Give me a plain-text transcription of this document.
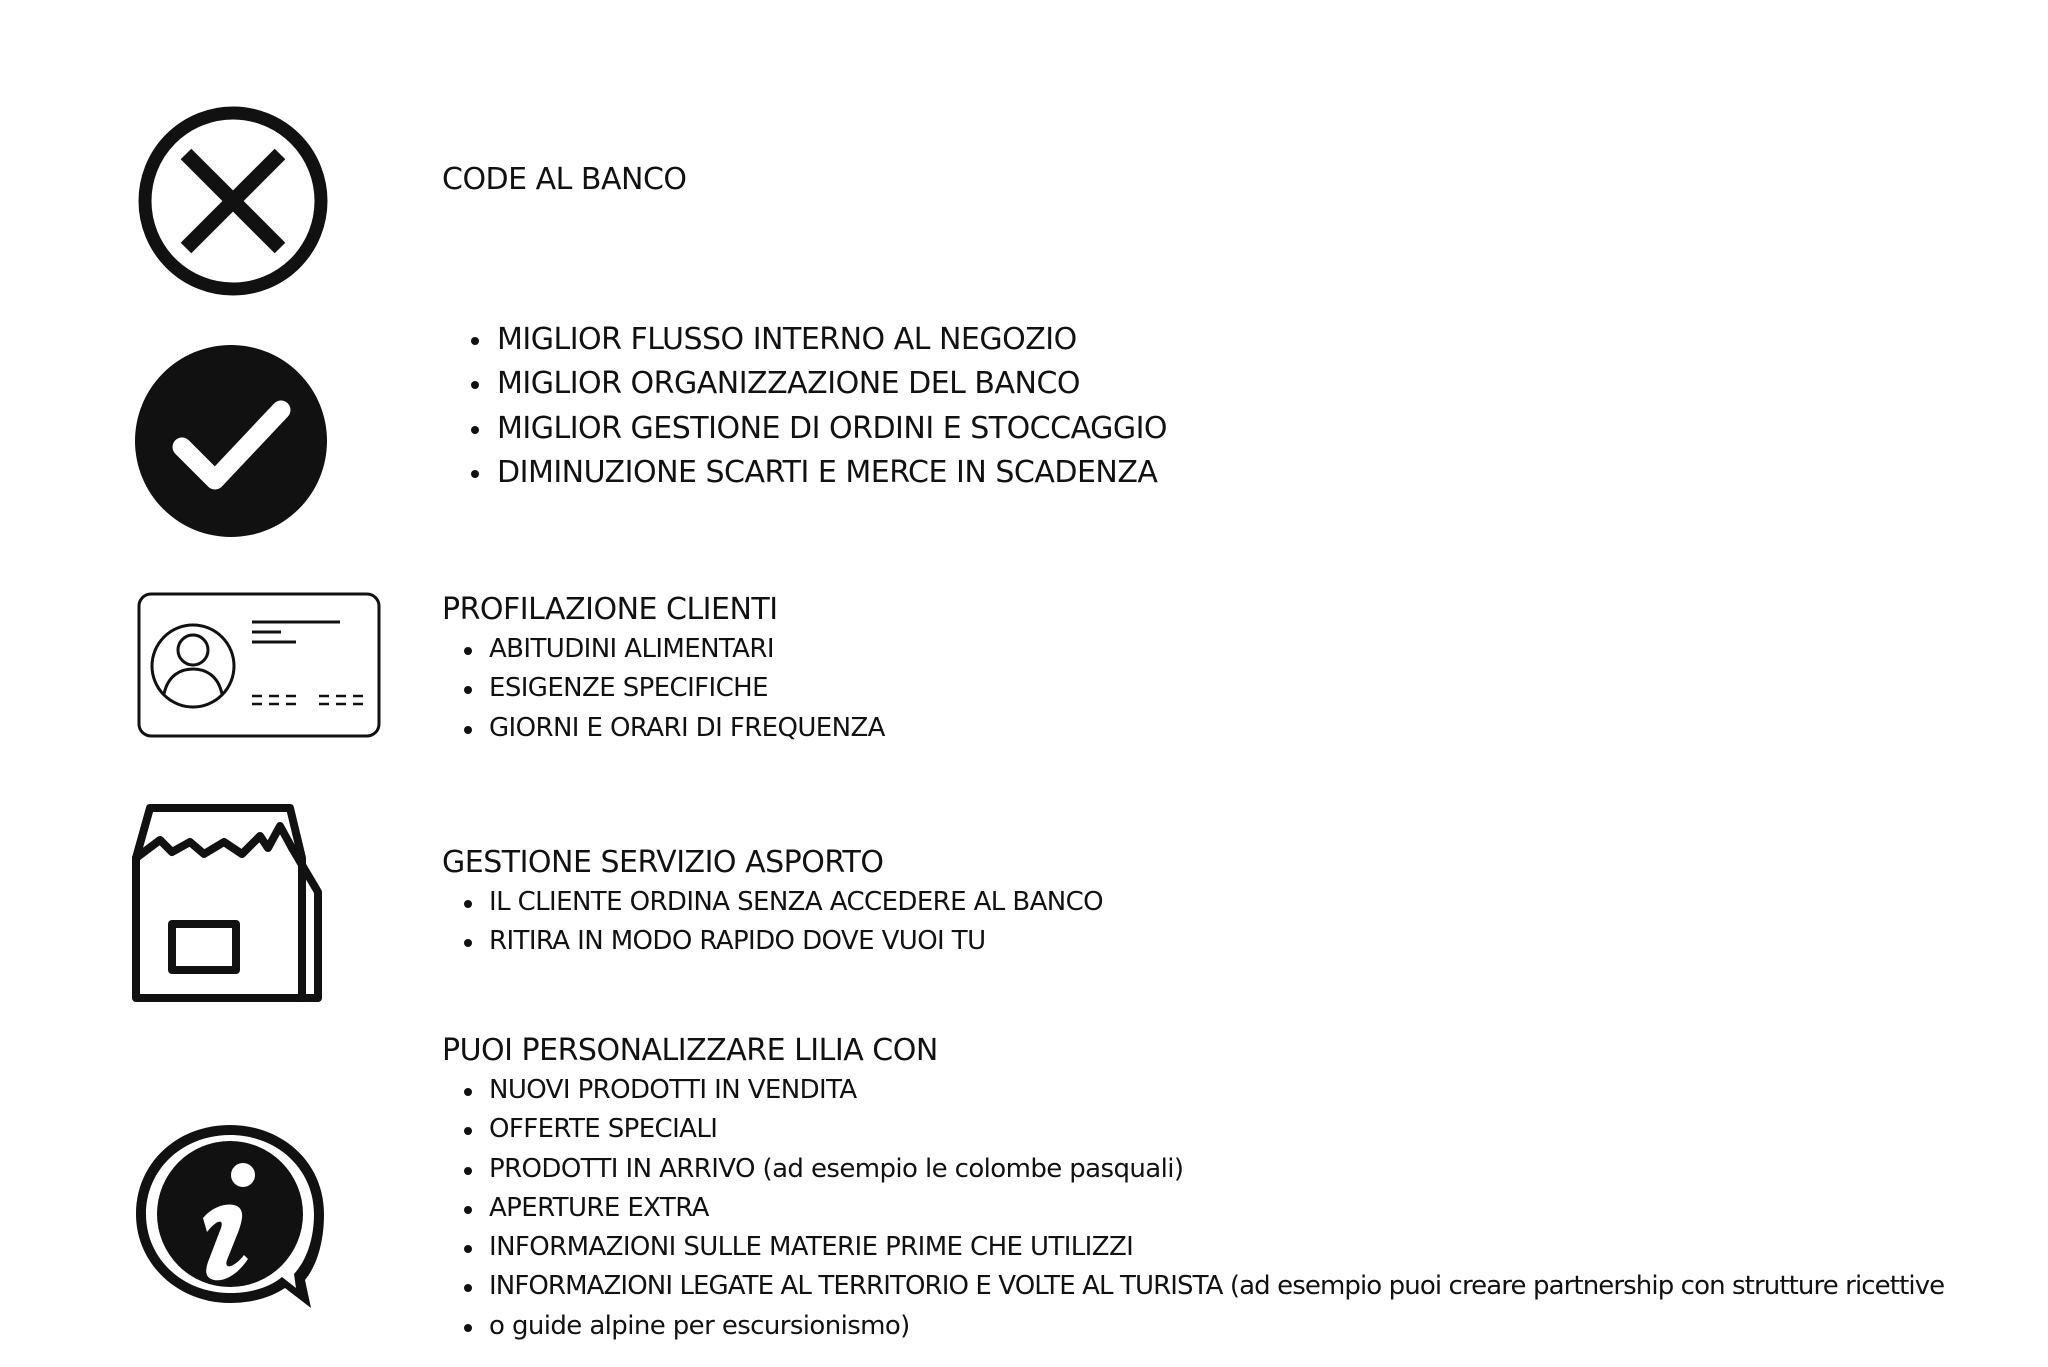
CODE AL BANCO
MIGLIOR FLUSSO INTERNO AL NEGOZIO
MIGLIOR ORGANIZZAZIONE DEL BANCO
MIGLIOR GESTIONE DI ORDINI E STOCCAGGIO
DIMINUZIONE SCARTI E MERCE IN SCADENZA
PROFILAZIONE CLIENTI
ABITUDINI ALIMENTARI
ESIGENZE SPECIFICHE
GIORNI E ORARI DI FREQUENZA
GESTIONE SERVIZIO ASPORTO
IL CLIENTE ORDINA SENZA ACCEDERE AL BANCO
RITIRA IN MODO RAPIDO DOVE VUOI TU
PUOI PERSONALIZZARE LILIA CON
NUOVI PRODOTTI IN VENDITA
OFFERTE SPECIALI
PRODOTTI IN ARRIVO (ad esempio le colombe pasquali)
APERTURE EXTRA
INFORMAZIONI SULLE MATERIE PRIME CHE UTILIZZI
INFORMAZIONI LEGATE AL TERRITORIO E VOLTE AL TURISTA (ad esempio puoi creare partnership con strutture ricettive
o guide alpine per escursionismo)
